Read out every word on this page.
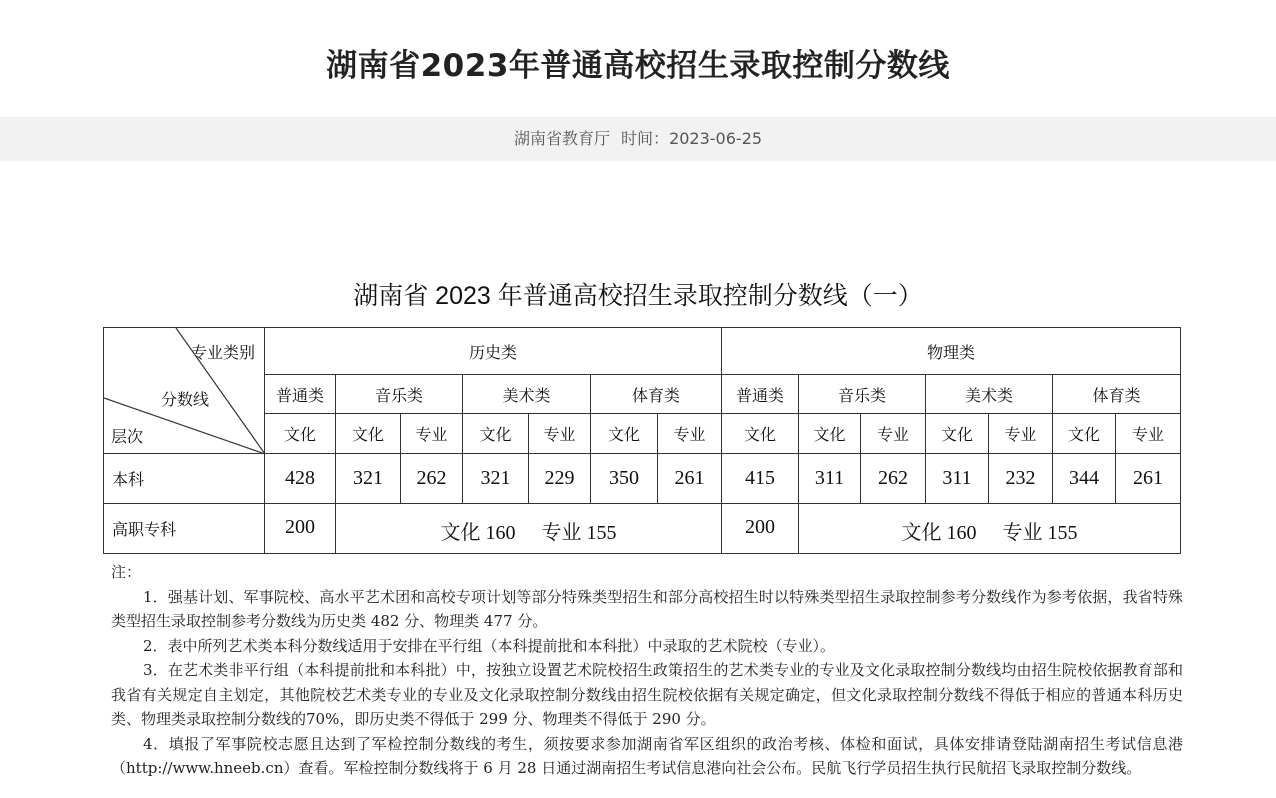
湖南省2023年普通高校招生录取控制分数线
湖南省教育厅 时间：2023-06-25
湖南省 2023 年普通高校招生录取控制分数线（一）
专业类别
分数线
层次	历史类							物理类						
	普通类	音乐类		美术类		体育类		普通类	音乐类		美术类		体育类	
	文化	文化	专业	文化	专业	文化	专业	文化	文化	专业	文化	专业	文化	专业
本科	428	321	262	321	229	350	261	415	311	262	311	232	344	261
高职专科	200	文化 160 专业 155						200	文化 160 专业 155					

注：

1．强基计划、军事院校、高水平艺术团和高校专项计划等部分特殊类型招生和部分高校招生时以特殊类型招生录取控制参考分数线作为参考依据，我省特殊类型招生录取控制参考分数线为历史类 482 分、物理类 477 分。

2．表中所列艺术类本科分数线适用于安排在平行组（本科提前批和本科批）中录取的艺术院校（专业）。

3．在艺术类非平行组（本科提前批和本科批）中，按独立设置艺术院校招生政策招生的艺术类专业的专业及文化录取控制分数线均由招生院校依据教育部和我省有关规定自主划定，其他院校艺术类专业的专业及文化录取控制分数线由招生院校依据有关规定确定，但文化录取控制分数线不得低于相应的普通本科历史类、物理类录取控制分数线的70%，即历史类不得低于 299 分、物理类不得低于 290 分。

4．填报了军事院校志愿且达到了军检控制分数线的考生，须按要求参加湖南省军区组织的政治考核、体检和面试，具体安排请登陆湖南招生考试信息港（http://www.hneeb.cn）查看。军检控制分数线将于 6 月 28 日通过湖南招生考试信息港向社会公布。民航飞行学员招生执行民航招飞录取控制分数线。
